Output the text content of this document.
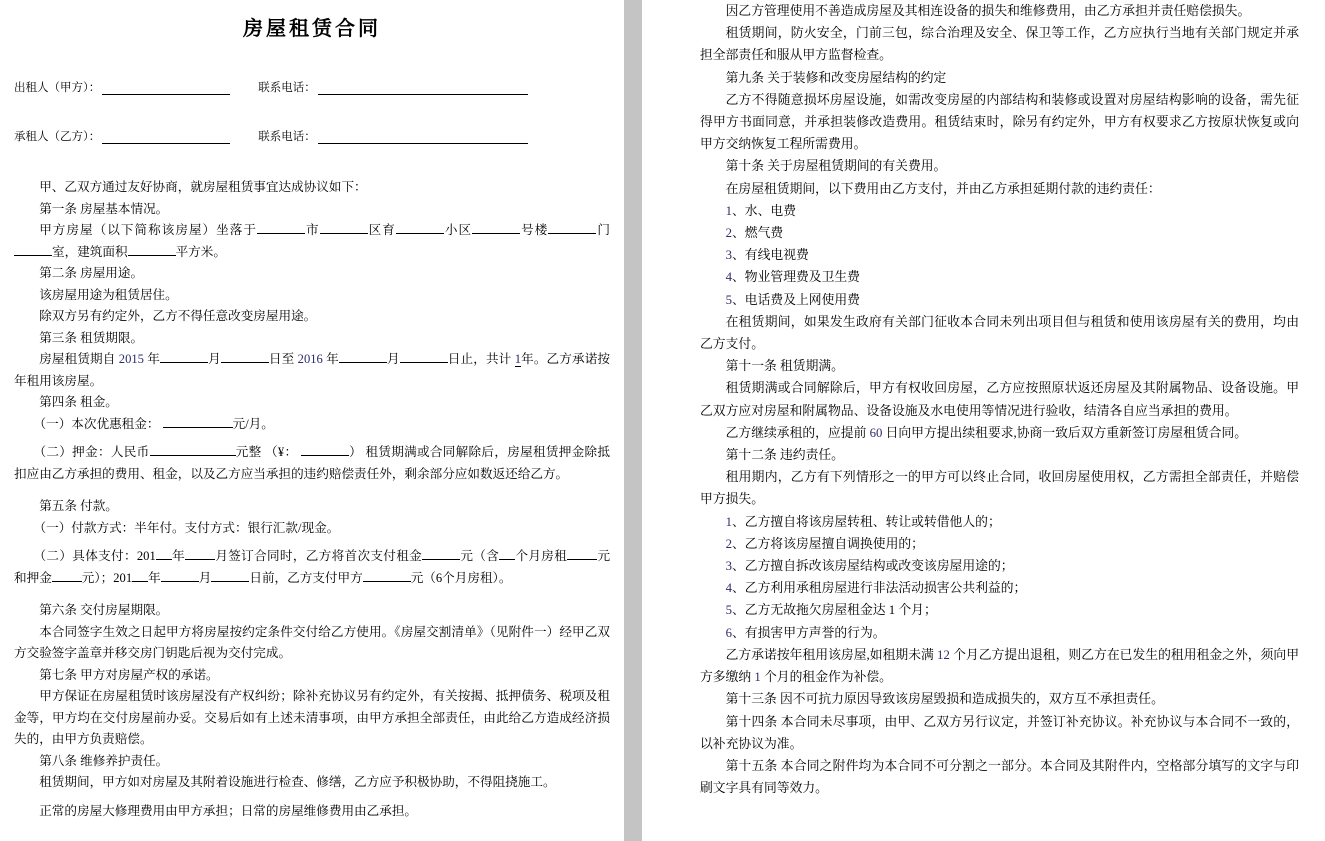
房屋租赁合同
出租人（甲方）：	联系电话：
承租人（乙方）：	联系电话：

甲、乙双方通过友好协商，就房屋租赁事宜达成协议如下：

第一条 房屋基本情况。

甲方房屋（以下简称该房屋）坐落于	市	区育	小区	号楼	门室，建筑面积	平方米。

第二条 房屋用途。

该房屋用途为租赁居住。

除双方另有约定外，乙方不得任意改变房屋用途。

第三条 租赁期限。

房屋租赁期自 2015 年	月	日至 2016 年	月	日止，共计 1年。乙方承诺按年租用该房屋。

第四条 租金。

（一）本次优惠租金：	元/月。

（二）押金：人民币	元整 （¥：	） 租赁期满或合同解除后，房屋租赁押金除抵扣应由乙方承担的费用、租金，以及乙方应当承担的违约赔偿责任外，剩余部分应如数返还给乙方。

第五条 付款。

（一）付款方式：半年付。支付方式：银行汇款/现金。

（二）具体支付：201 年 月签订合同时，乙方将首次支付租金	元（含 个月房租 元和押金 元）；201 年	月	日前，乙方支付甲方	元（6个月房租）。

第六条 交付房屋期限。

本合同签字生效之日起甲方将房屋按约定条件交付给乙方使用。《房屋交割清单》（见附件一）经甲乙双方交验签字盖章并移交房门钥匙后视为交付完成。

第七条 甲方对房屋产权的承诺。

甲方保证在房屋租赁时该房屋没有产权纠纷；除补充协议另有约定外，有关按揭、抵押债务、税项及租金等，甲方均在交付房屋前办妥。交易后如有上述未清事项，由甲方承担全部责任，由此给乙方造成经济损失的，由甲方负责赔偿。

第八条 维修养护责任。

租赁期间，甲方如对房屋及其附着设施进行检查、修缮，乙方应予积极协助，不得阻挠施工。

正常的房屋大修理费用由甲方承担；日常的房屋维修费用由乙承担。

因乙方管理使用不善造成房屋及其相连设备的损失和维修费用，由乙方承担并责任赔偿损失。

租赁期间，防火安全，门前三包，综合治理及安全、保卫等工作，乙方应执行当地有关部门规定并承担全部责任和服从甲方监督检查。

第九条 关于装修和改变房屋结构的约定

乙方不得随意损坏房屋设施，如需改变房屋的内部结构和装修或设置对房屋结构影响的设备，需先征得甲方书面同意，并承担装修改造费用。租赁结束时，除另有约定外，甲方有权要求乙方按原状恢复或向甲方交纳恢复工程所需费用。

第十条 关于房屋租赁期间的有关费用。

在房屋租赁期间，以下费用由乙方支付，并由乙方承担延期付款的违约责任：

1、水、电费

2、燃气费

3、有线电视费

4、物业管理费及卫生费

5、电话费及上网使用费

在租赁期间，如果发生政府有关部门征收本合同未列出项目但与租赁和使用该房屋有关的费用，均由乙方支付。

第十一条 租赁期满。

租赁期满或合同解除后，甲方有权收回房屋，乙方应按照原状返还房屋及其附属物品、设备设施。甲乙双方应对房屋和附属物品、设备设施及水电使用等情况进行验收，结清各自应当承担的费用。

乙方继续承租的，应提前 60 日向甲方提出续租要求,协商一致后双方重新签订房屋租赁合同。

第十二条 违约责任。

租用期内，乙方有下列情形之一的甲方可以终止合同，收回房屋使用权，乙方需担全部责任，并赔偿甲方损失。

1、乙方擅自将该房屋转租、转让或转借他人的；

2、乙方将该房屋擅自调换使用的；

3、乙方擅自拆改该房屋结构或改变该房屋用途的；

4、乙方利用承租房屋进行非法活动损害公共利益的；

5、乙方无故拖欠房屋租金达 1 个月；

6、有损害甲方声誉的行为。

乙方承诺按年租用该房屋,如租期未满 12 个月乙方提出退租，则乙方在已发生的租用租金之外，须向甲方多缴纳 1 个月的租金作为补偿。

第十三条 因不可抗力原因导致该房屋毁损和造成损失的，双方互不承担责任。

第十四条 本合同未尽事项，由甲、乙双方另行议定，并签订补充协议。补充协议与本合同不一致的，以补充协议为准。

第十五条 本合同之附件均为本合同不可分割之一部分。本合同及其附件内，空格部分填写的文字与印刷文字具有同等效力。
